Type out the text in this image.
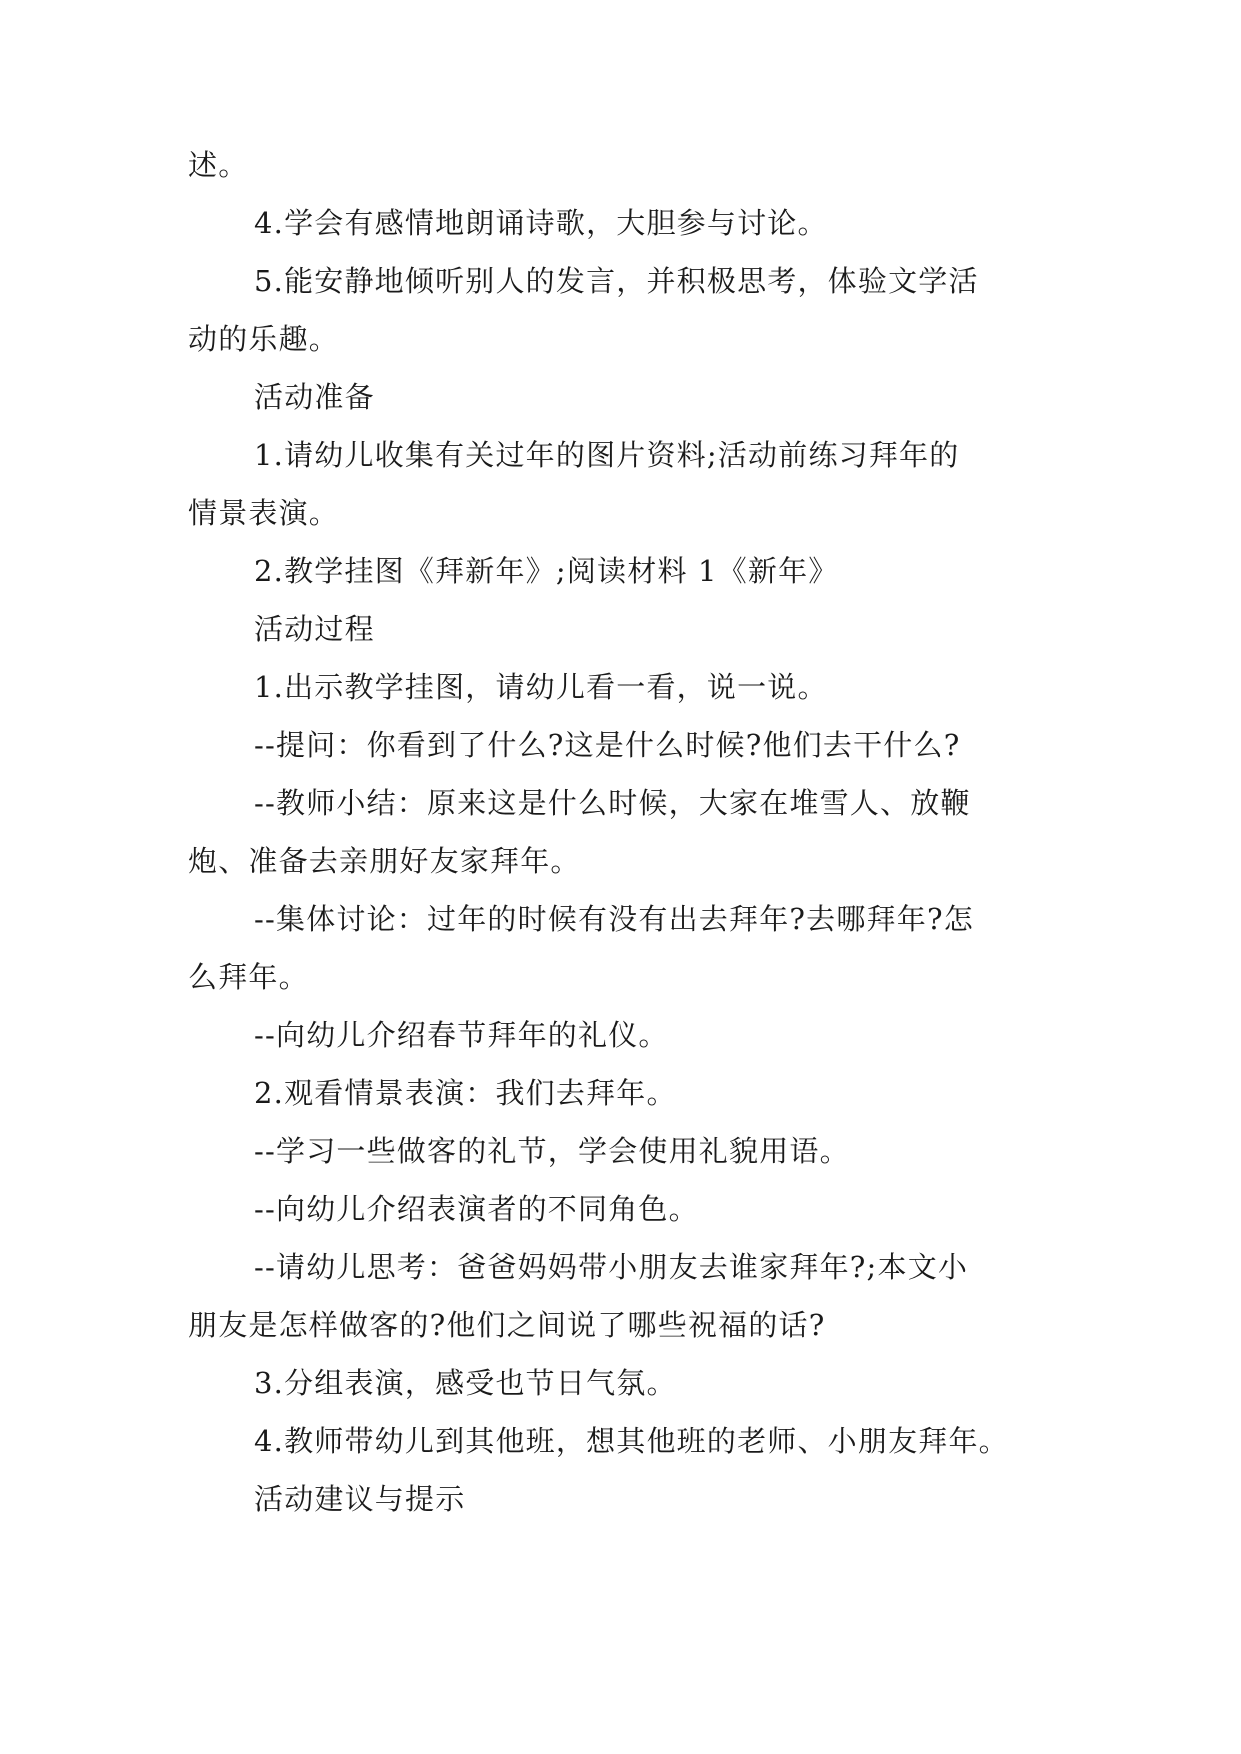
述。
4.学会有感情地朗诵诗歌，大胆参与讨论。
5.能安静地倾听别人的发言，并积极思考，体验文学活
动的乐趣。
活动准备
1.请幼儿收集有关过年的图片资料;活动前练习拜年的
情景表演。
2.教学挂图《拜新年》;阅读材料 1《新年》
活动过程
1.出示教学挂图，请幼儿看一看，说一说。
--提问：你看到了什么?这是什么时候?他们去干什么?
--教师小结：原来这是什么时候，大家在堆雪人、放鞭
炮、准备去亲朋好友家拜年。
--集体讨论：过年的时候有没有出去拜年?去哪拜年?怎
么拜年。
--向幼儿介绍春节拜年的礼仪。
2.观看情景表演：我们去拜年。
--学习一些做客的礼节，学会使用礼貌用语。
--向幼儿介绍表演者的不同角色。
--请幼儿思考：爸爸妈妈带小朋友去谁家拜年?;本文小
朋友是怎样做客的?他们之间说了哪些祝福的话?
3.分组表演，感受也节日气氛。
4.教师带幼儿到其他班，想其他班的老师、小朋友拜年。
活动建议与提示
